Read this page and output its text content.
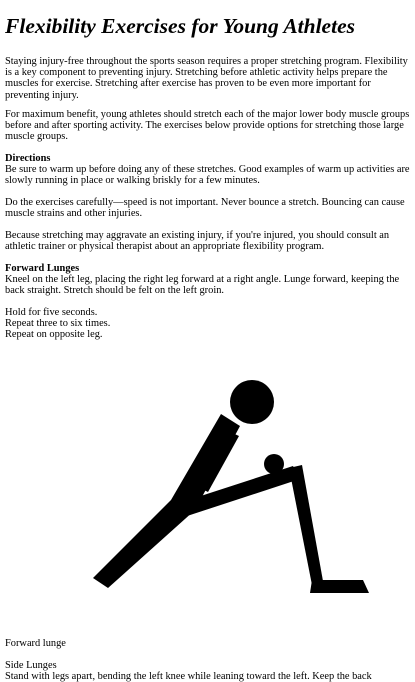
Flexibility Exercises for Young Athletes

Staying injury-free throughout the sports season requires a proper stretching program. Flexibility is a key component to preventing injury. Stretching before athletic activity helps prepare the muscles for exercise. Stretching after exercise has proven to be even more important for preventing injury.

For maximum benefit, young athletes should stretch each of the major lower body muscle groups before and after sporting activity. The exercises below provide options for stretching those large muscle groups.

Directions
Be sure to warm up before doing any of these stretches. Good examples of warm up activities are slowly running in place or walking briskly for a few minutes.

Do the exercises carefully—speed is not important. Never bounce a stretch. Bouncing can cause muscle strains and other injuries.

Because stretching may aggravate an existing injury, if you're injured, you should consult an athletic trainer or physical therapist about an appropriate flexibility program.

Forward Lunges
Kneel on the left leg, placing the right leg forward at a right angle. Lunge forward, keeping the back straight. Stretch should be felt on the left groin.

Hold for five seconds.
Repeat three to six times.
Repeat on opposite leg.

Forward lunge

Side Lunges
Stand with legs apart, bending the left knee while leaning toward the left. Keep the back
